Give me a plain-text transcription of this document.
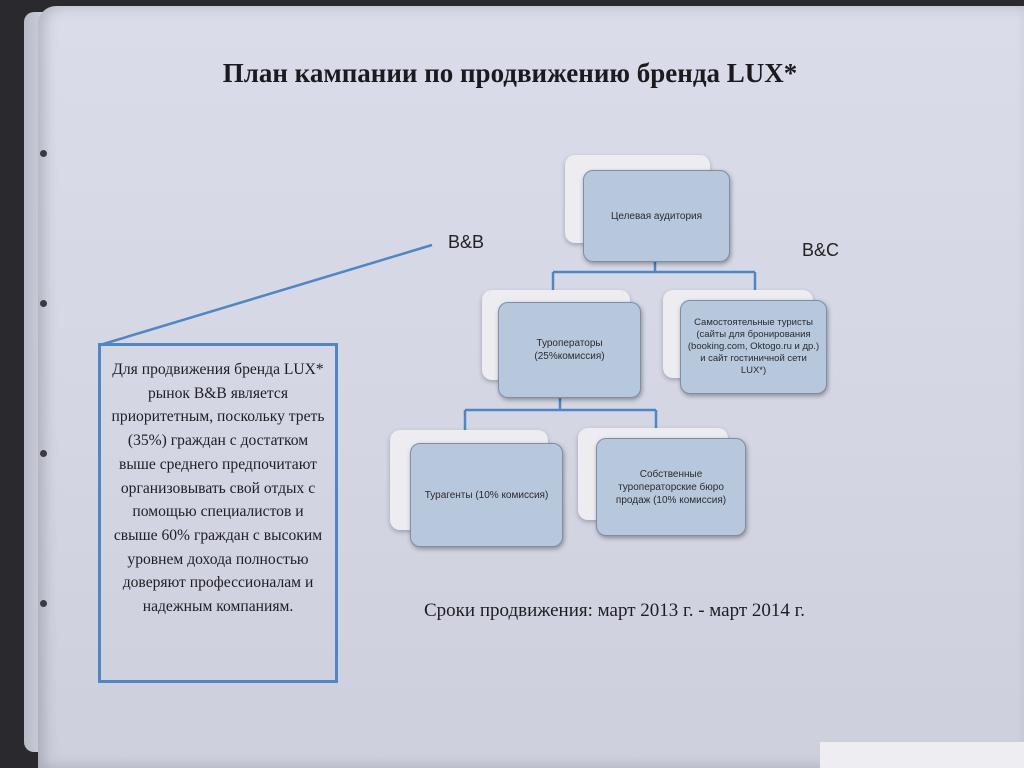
План кампании по продвижению бренда LUX*
Целевая аудитория
Туроператоры
(25%комиссия)
Самостоятельные туристы (сайты для бронирования (booking.com, Oktogo.ru и др.) и сайт гостиничной сети LUX*)
Турагенты (10% комиссия)
Собственные туроператорские бюро продаж (10% комиссия)
B&B	B&C
Для продвижения бренда LUX* рынок B&B является приоритетным, поскольку треть (35%) граждан с достатком выше среднего предпочитают организовывать свой отдых с помощью специалистов и свыше 60% граждан с высоким уровнем дохода полностью доверяют профессионалам и надежным компаниям.	Сроки продвижения: март 2013 г. - март 2014 г.
